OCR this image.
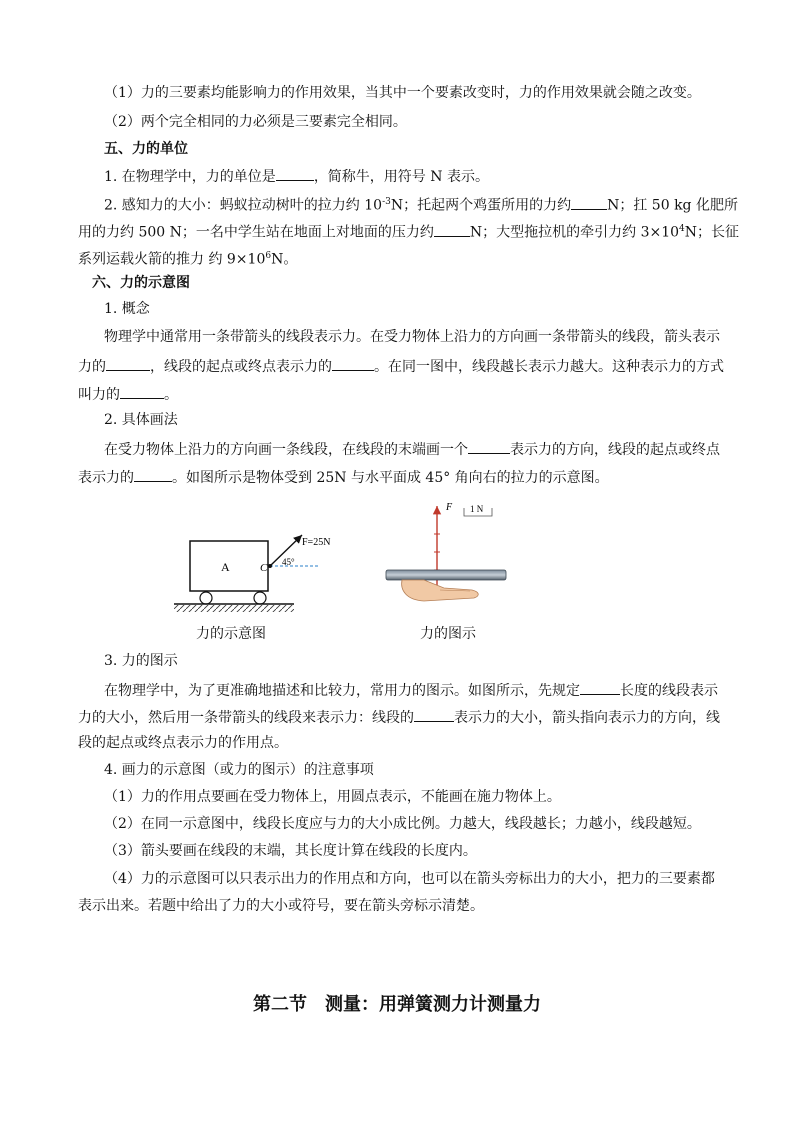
（1）力的三要素均能影响力的作用效果，当其中一个要素改变时，力的作用效果就会随之改变。
（2）两个完全相同的力必须是三要素完全相同。
五、力的单位
1. 在物理学中，力的单位是	，简称牛，用符号 N 表示。
2. 感知力的大小：蚂蚁拉动树叶的拉力约 $10^{-3}N$；托起两个鸡蛋所用的力约	N；扛 50 kg 化肥所
用的力约 500 N；一名中学生站在地面上对地面的压力约	N；大型拖拉机的牵引力约 $3\times 10^4N$；长征
系列运载火箭的推力 约 $9\times 10^6N$。
六、力的示意图
1. 概念
物理学中通常用一条带箭头的线段表示力。在受力物体上沿力的方向画一条带箭头的线段，箭头表示
力的	，线段的起点或终点表示力的	。在同一图中，线段越长表示力越大。这种表示力的方式
叫力的	。
2. 具体画法
在受力物体上沿力的方向画一条线段，在线段的末端画一个	表示力的方向，线段的起点或终点
表示力的	。如图所示是物体受到 25N 与水平面成 45° 角向右的拉力的示意图。
A	C
F=25N
45°
F 1 N
力的示意图	力的图示
3. 力的图示
在物理学中，为了更准确地描述和比较力，常用力的图示。如图所示，先规定	长度的线段表示
力的大小，然后用一条带箭头的线段来表示力：线段的	表示力的大小，箭头指向表示力的方向，线
段的起点或终点表示力的作用点。
4. 画力的示意图（或力的图示）的注意事项
（1）力的作用点要画在受力物体上，用圆点表示，不能画在施力物体上。
（2）在同一示意图中，线段长度应与力的大小成比例。力越大，线段越长；力越小，线段越短。
（3）箭头要画在线段的末端，其长度计算在线段的长度内。
（4）力的示意图可以只表示出力的作用点和方向，也可以在箭头旁标出力的大小，把力的三要素都
表示出来。若题中给出了力的大小或符号，要在箭头旁标示清楚。
第二节　测量：用弹簧测力计测量力
